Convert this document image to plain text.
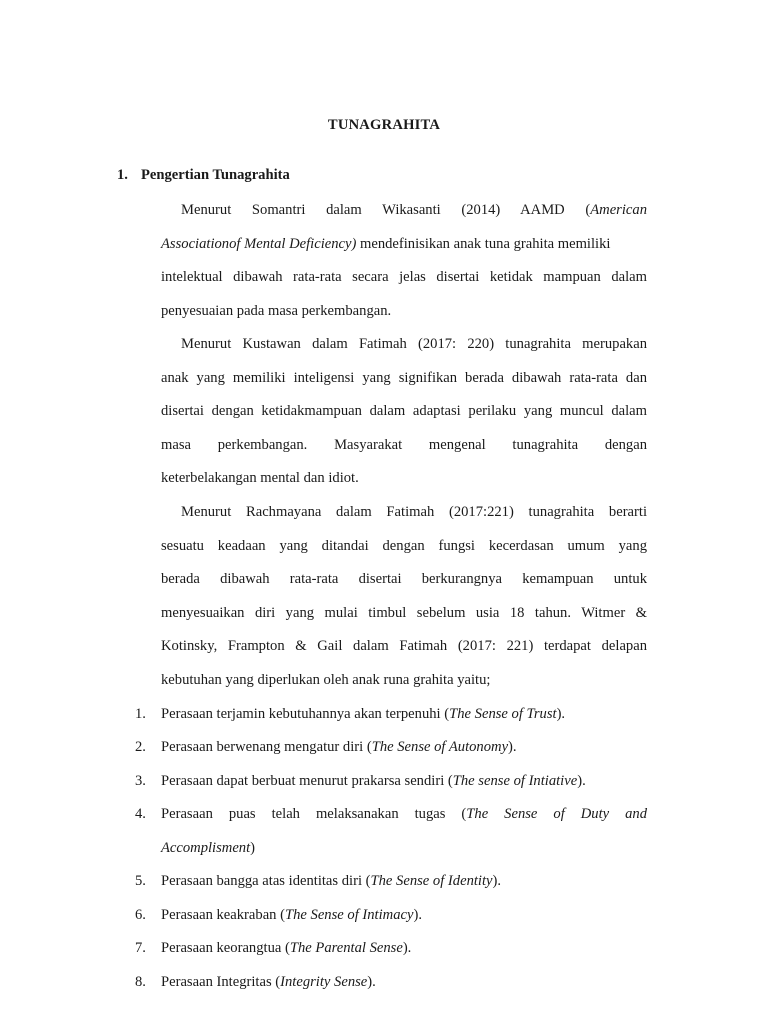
TUNAGRAHITA
1. Pengertian Tunagrahita
Menurut Somantri dalam Wikasanti (2014) AAMD (American
Associationof Mental Deficiency) mendefinisikan anak tuna grahita memiliki
intelektual dibawah rata-rata secara jelas disertai ketidak mampuan dalam
penyesuaian pada masa perkembangan.
Menurut Kustawan dalam Fatimah (2017: 220) tunagrahita merupakan
anak yang memiliki inteligensi yang signifikan berada dibawah rata-rata dan
disertai dengan ketidakmampuan dalam adaptasi perilaku yang muncul dalam
masa perkembangan. Masyarakat mengenal tunagrahita dengan
keterbelakangan mental dan idiot.
Menurut Rachmayana dalam Fatimah (2017:221) tunagrahita berarti
sesuatu keadaan yang ditandai dengan fungsi kecerdasan umum yang
berada dibawah rata-rata disertai berkurangnya kemampuan untuk
menyesuaikan diri yang mulai timbul sebelum usia 18 tahun. Witmer &
Kotinsky, Frampton & Gail dalam Fatimah (2017: 221) terdapat delapan
kebutuhan yang diperlukan oleh anak runa grahita yaitu;
1.	Perasaan terjamin kebutuhannya akan terpenuhi (The Sense of Trust).
2.	Perasaan berwenang mengatur diri (The Sense of Autonomy).
3.	Perasaan dapat berbuat menurut prakarsa sendiri (The sense of Intiative).
4.	Perasaan puas telah melaksanakan tugas (The Sense of Duty and
Accomplisment)
5.	Perasaan bangga atas identitas diri (The Sense of Identity).
6.	Perasaan keakraban (The Sense of Intimacy).
7.	Perasaan keorangtua (The Parental Sense).
8.	Perasaan Integritas (Integrity Sense).
